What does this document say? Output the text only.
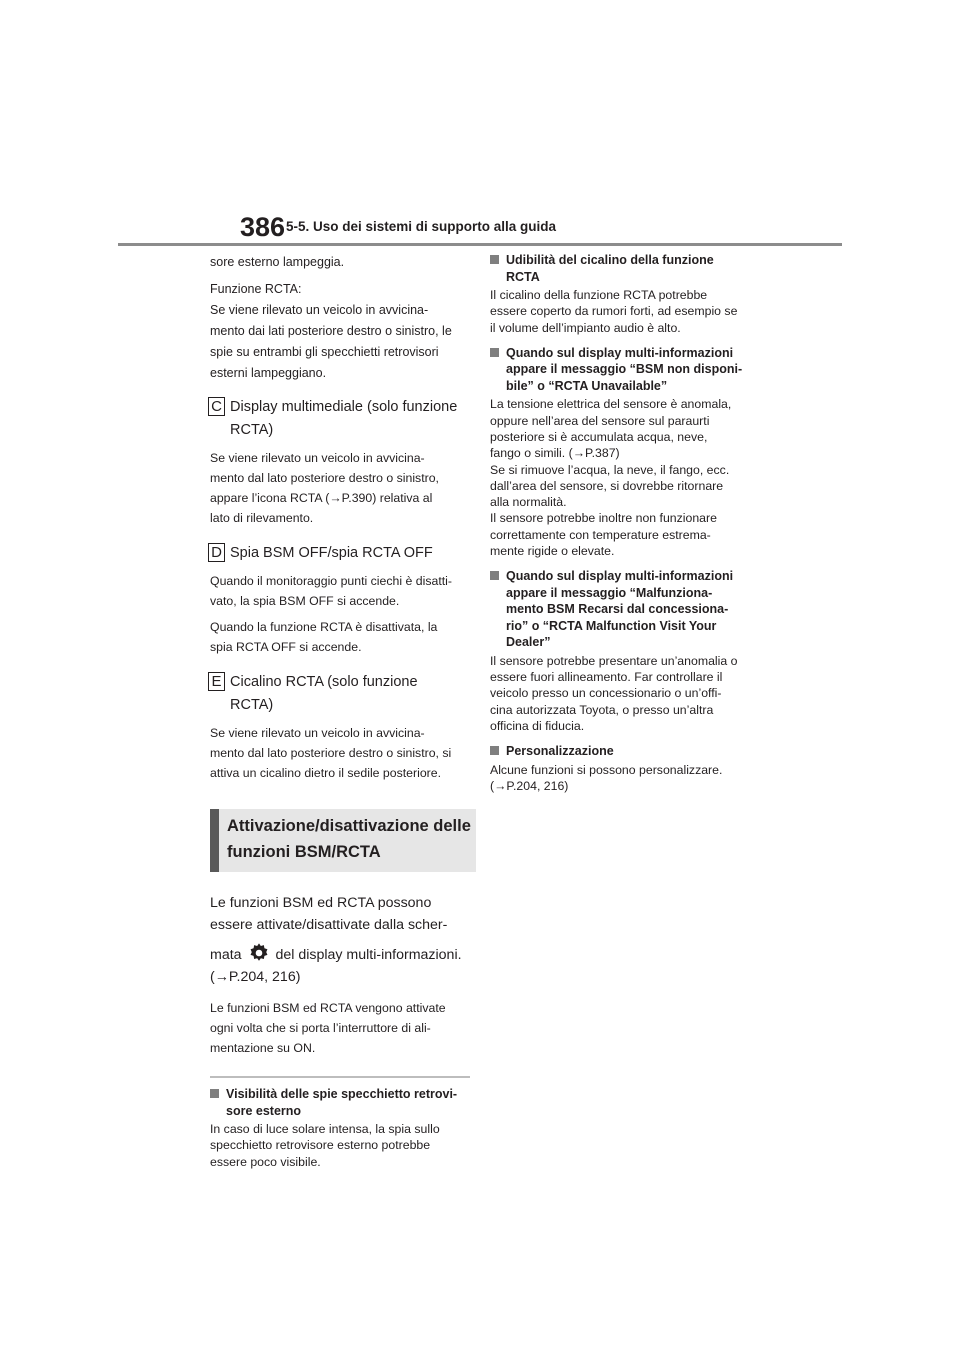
386 5-5. Uso dei sistemi di supporto alla guida

sore esterno lampeggia.

Funzione RCTA:

Se viene rilevato un veicolo in avvicina-

mento dai lati posteriore destro o sinistro, le

spie su entrambi gli specchietti retrovisori

esterni lampeggiano.

C Display multimediale (solo funzione
RCTA)

Se viene rilevato un veicolo in avvicina-

mento dal lato posteriore destro o sinistro,

appare l’icona RCTA (→P.390) relativa al

lato di rilevamento.

D Spia BSM OFF/spia RCTA OFF

Quando il monitoraggio punti ciechi è disatti-

vato, la spia BSM OFF si accende.

Quando la funzione RCTA è disattivata, la

spia RCTA OFF si accende.

E Cicalino RCTA (solo funzione
RCTA)

Se viene rilevato un veicolo in avvicina-

mento dal lato posteriore destro o sinistro, si

attiva un cicalino dietro il sedile posteriore.

Attivazione/disattivazione delle
funzioni BSM/RCTA

Le funzioni BSM ed RCTA possono

essere attivate/disattivate dalla scher-

mata del display multi-informazioni.

(→P.204, 216)

Le funzioni BSM ed RCTA vengono attivate

ogni volta che si porta l’interruttore di ali-

mentazione su ON.

Visibilità delle spie specchietto retrovi-
sore esterno
In caso di luce solare intensa, la spia sullo
specchietto retrovisore esterno potrebbe
essere poco visibile.
Udibilità del cicalino della funzione
RCTA
Il cicalino della funzione RCTA potrebbe
essere coperto da rumori forti, ad esempio se
il volume dell’impianto audio è alto.
Quando sul display multi-informazioni
appare il messaggio “BSM non disponi-
bile” o “RCTA Unavailable”
La tensione elettrica del sensore è anomala,
oppure nell’area del sensore sul paraurti
posteriore si è accumulata acqua, neve,
fango o simili. (→P.387)
Se si rimuove l’acqua, la neve, il fango, ecc.
dall’area del sensore, si dovrebbe ritornare
alla normalità.
Il sensore potrebbe inoltre non funzionare
correttamente con temperature estrema-
mente rigide o elevate.
Quando sul display multi-informazioni
appare il messaggio “Malfunziona-
mento BSM Recarsi dal concessiona-
rio” o “RCTA Malfunction Visit Your
Dealer”
Il sensore potrebbe presentare un’anomalia o
essere fuori allineamento. Far controllare il
veicolo presso un concessionario o un’offi-
cina autorizzata Toyota, o presso un’altra
officina di fiducia.
Personalizzazione
Alcune funzioni si possono personalizzare.
(→P.204, 216)
